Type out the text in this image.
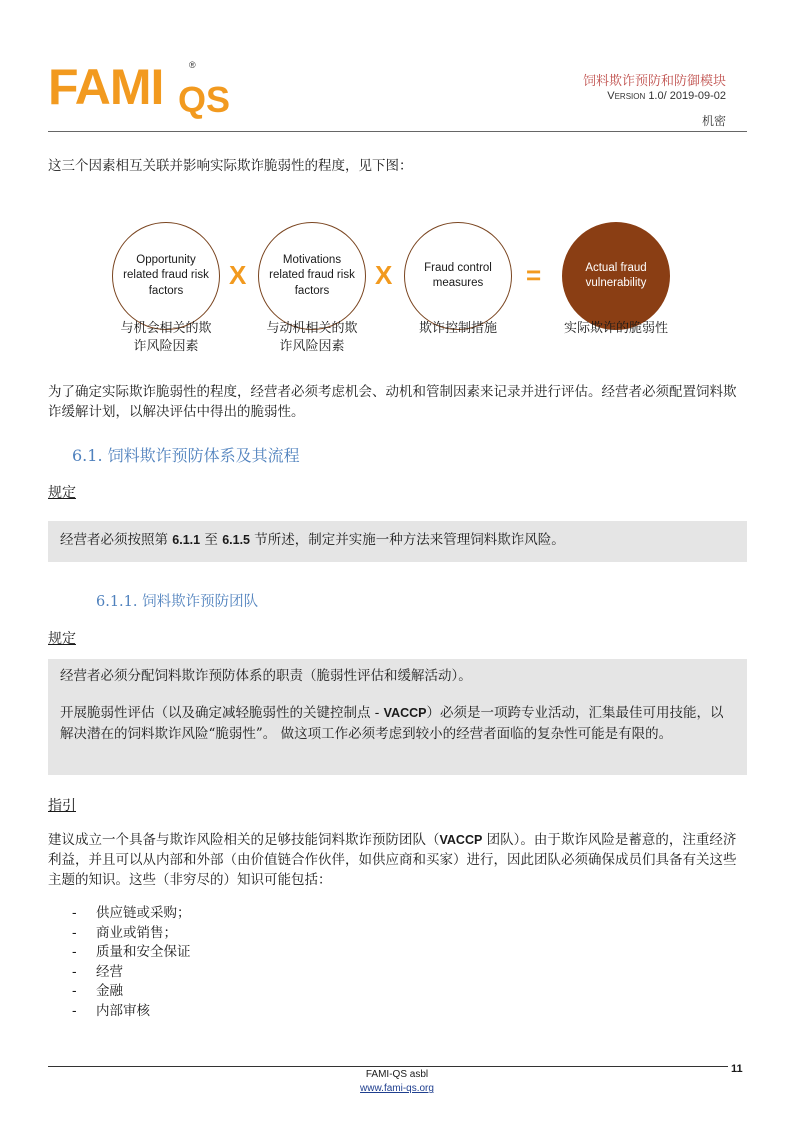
FAMI	®
QS	饲料欺诈预防和防御模块
Version 1.0/ 2019-09-02
机密
这三个因素相互关联并影响实际欺诈脆弱性的程度，见下图：
Opportunity related fraud risk factors
X
Motivations related fraud risk factors
X	Fraud control measures	=	Actual fraud vulnerability
与机会相关的欺
诈风险因素
与动机相关的欺
诈风险因素
欺诈控制措施	实际欺诈的脆弱性
为了确定实际欺诈脆弱性的程度，经营者必须考虑机会、动机和管制因素来记录并进行评估。经营者必须配置饲料欺诈缓解计划，以解决评估中得出的脆弱性。
6.1. 饲料欺诈预防体系及其流程
规定
经营者必须按照第 6.1.1 至 6.1.5 节所述，制定并实施一种方法来管理饲料欺诈风险。
6.1.1. 饲料欺诈预防团队
规定
经营者必须分配饲料欺诈预防体系的职责（脆弱性评估和缓解活动）。
开展脆弱性评估（以及确定减轻脆弱性的关键控制点 - VACCP）必须是一项跨专业活动，汇集最佳可用技能，以解决潜在的饲料欺诈风险“脆弱性”。 做这项工作必须考虑到较小的经营者面临的复杂性可能是有限的。
指引
建议成立一个具备与欺诈风险相关的足够技能饲料欺诈预防团队（VACCP 团队）。由于欺诈风险是蓄意的，注重经济利益，并且可以从内部和外部（由价值链合作伙伴，如供应商和买家）进行，因此团队必须确保成员们具备有关这些主题的知识。这些（非穷尽的）知识可能包括：
-	供应链或采购；
-	商业或销售；
-	质量和安全保证
-	经营
-	金融
-	内部审核
11
FAMI-QS asbl
www.fami-qs.org
